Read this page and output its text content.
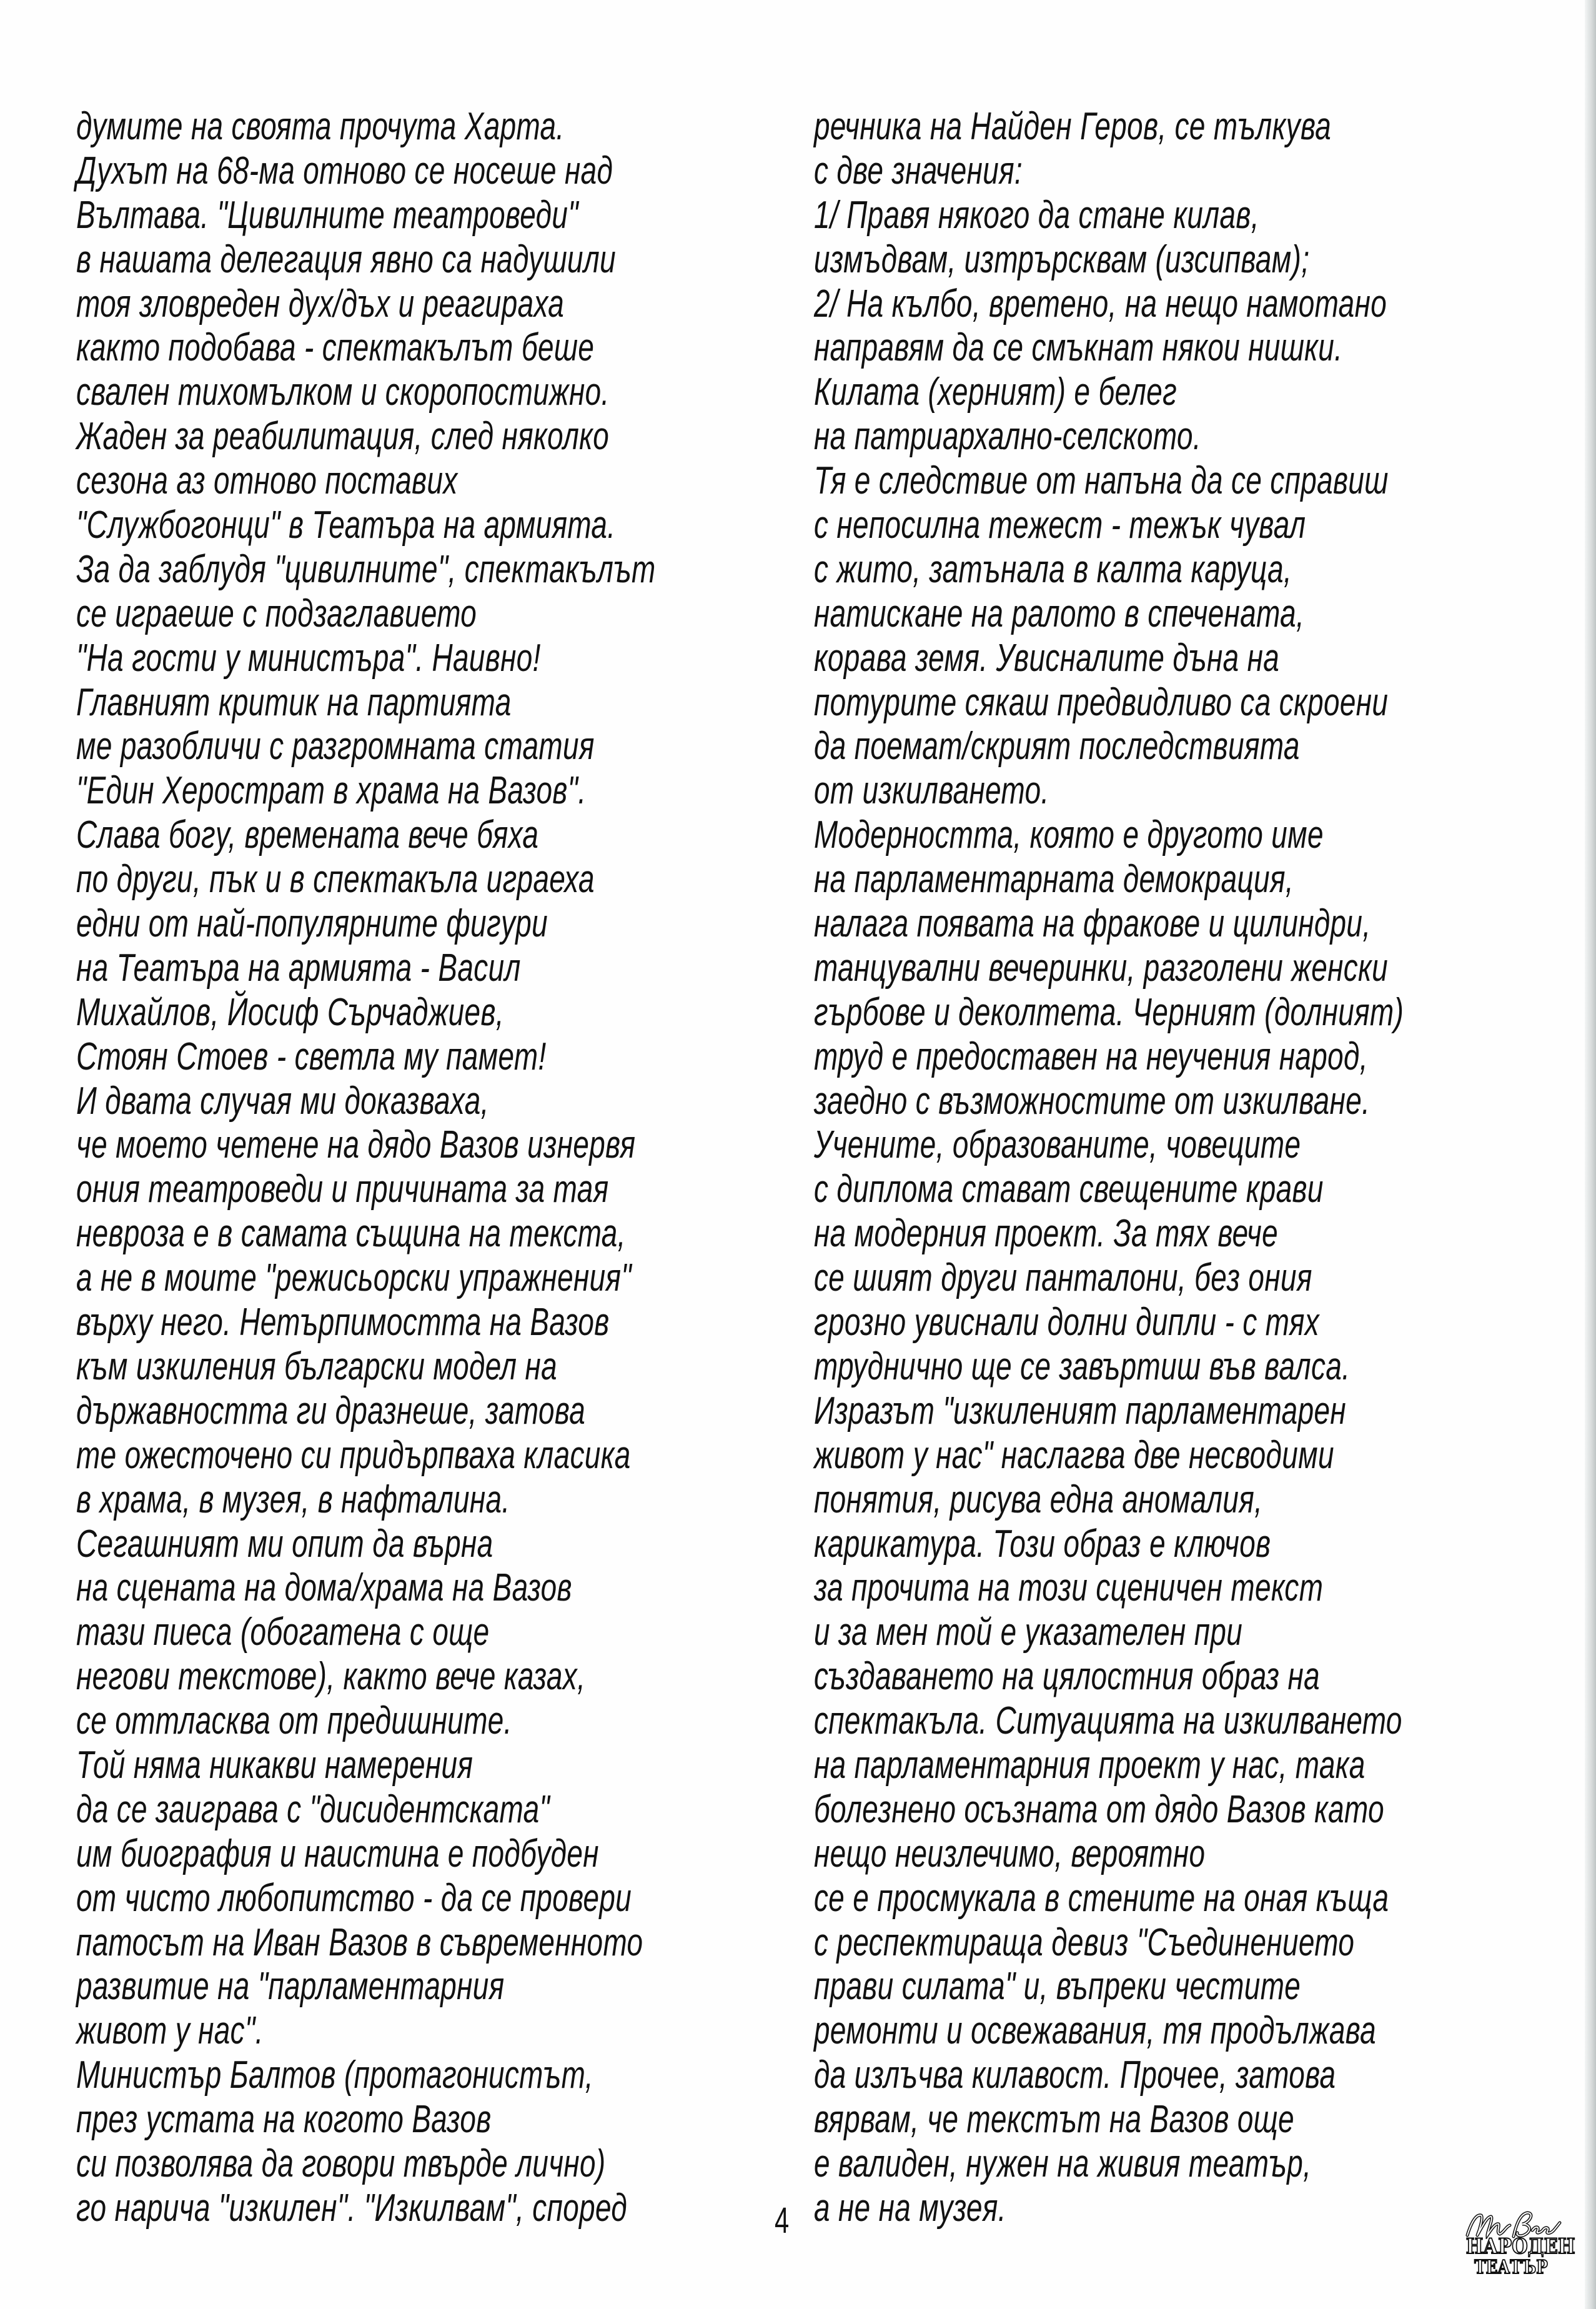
думите на своята прочута Харта.
Духът на 68-ма отново се носеше над
Вълтава. "Цивилните театроведи"
в нашата делегация явно са надушили
тоя зловреден дух/дъх и реагираха
както подобава - спектакълът беше
свален тихомълком и скоропостижно.
Жаден за реабилитация, след няколко
сезона аз отново поставих
"Службогонци" в Театъра на армията.
За да заблудя "цивилните", спектакълът
се играеше с подзаглавието
"На гости у министъра". Наивно!
Главният критик на партията
ме разобличи с разгромната статия
"Един Херострат в храма на Вазов".
Слава богу, времената вече бяха
по други, пък и в спектакъла играеха
едни от най-популярните фигури
на Театъра на армията - Васил
Михайлов, Йосиф Сърчаджиев,
Стоян Стоев - светла му памет!
И двата случая ми доказваха,
че моето четене на дядо Вазов изнервя
ония театроведи и причината за тая
невроза е в самата същина на текста,
а не в моите "режисьорски упражнения"
върху него. Нетърпимостта на Вазов
към изкиления български модел на
държавността ги дразнеше, затова
те ожесточено си придърпваха класика
в храма, в музея, в нафталина.
Сегашният ми опит да върна
на сцената на дома/храма на Вазов
тази пиеса (обогатена с още
негови текстове), както вече казах,
се оттласква от предишните.
Той няма никакви намерения
да се заиграва с "дисидентската"
им биография и наистина е подбуден
от чисто любопитство - да се провери
патосът на Иван Вазов в съвременното
развитие на "парламентарния
живот у нас".
Министър Балтов (протагонистът,
през устата на когото Вазов
си позволява да говори твърде лично)
го нарича "изкилен". "Изкилвам", според
речника на Найден Геров, се тълкува
с две значения:
1/ Правя някого да стане килав,
измъдвам, изтрърсквам (изсипвам);
2/ На кълбо, вретено, на нещо намотано
направям да се смъкнат някои нишки.
Килата (херният) е белег
на патриархално-селското.
Тя е следствие от напъна да се справиш
с непосилна тежест - тежък чувал
с жито, затънала в калта каруца,
натискане на ралото в спечената,
корава земя. Увисналите дъна на
потурите сякаш предвидливо са скроени
да поемат/скрият последствията
от изкилването.
Модерността, която е другото име
на парламентарната демокрация,
налага появата на фракове и цилиндри,
танцувални вечеринки, разголени женски
гърбове и деколтета. Черният (долният)
труд е предоставен на неучения народ,
заедно с възможностите от изкилване.
Учените, образованите, човеците
с диплома стават свещените крави
на модерния проект. За тях вече
се шият други панталони, без ония
грозно увиснали долни дипли - с тях
труднично ще се завъртиш във валса.
Изразът "изкиленият парламентарен
живот у нас" наслагва две несводими
понятия, рисува една аномалия,
карикатура. Този образ е ключов
за прочита на този сценичен текст
и за мен той е указателен при
създаването на цялостния образ на
спектакъла. Ситуацията на изкилването
на парламентарния проект у нас, така
болезнено осъзната от дядо Вазов като
нещо неизлечимо, вероятно
се е просмукала в стените на оная къща
с респектираща девиз "Съединението
прави силата" и, въпреки честите
ремонти и освежавания, тя продължава
да излъчва килавост. Прочее, затова
вярвам, че текстът на Вазов още
е валиден, нужен на живия театър,
а не на музея.
4
НАРОДЕН
ТЕАТЪР
